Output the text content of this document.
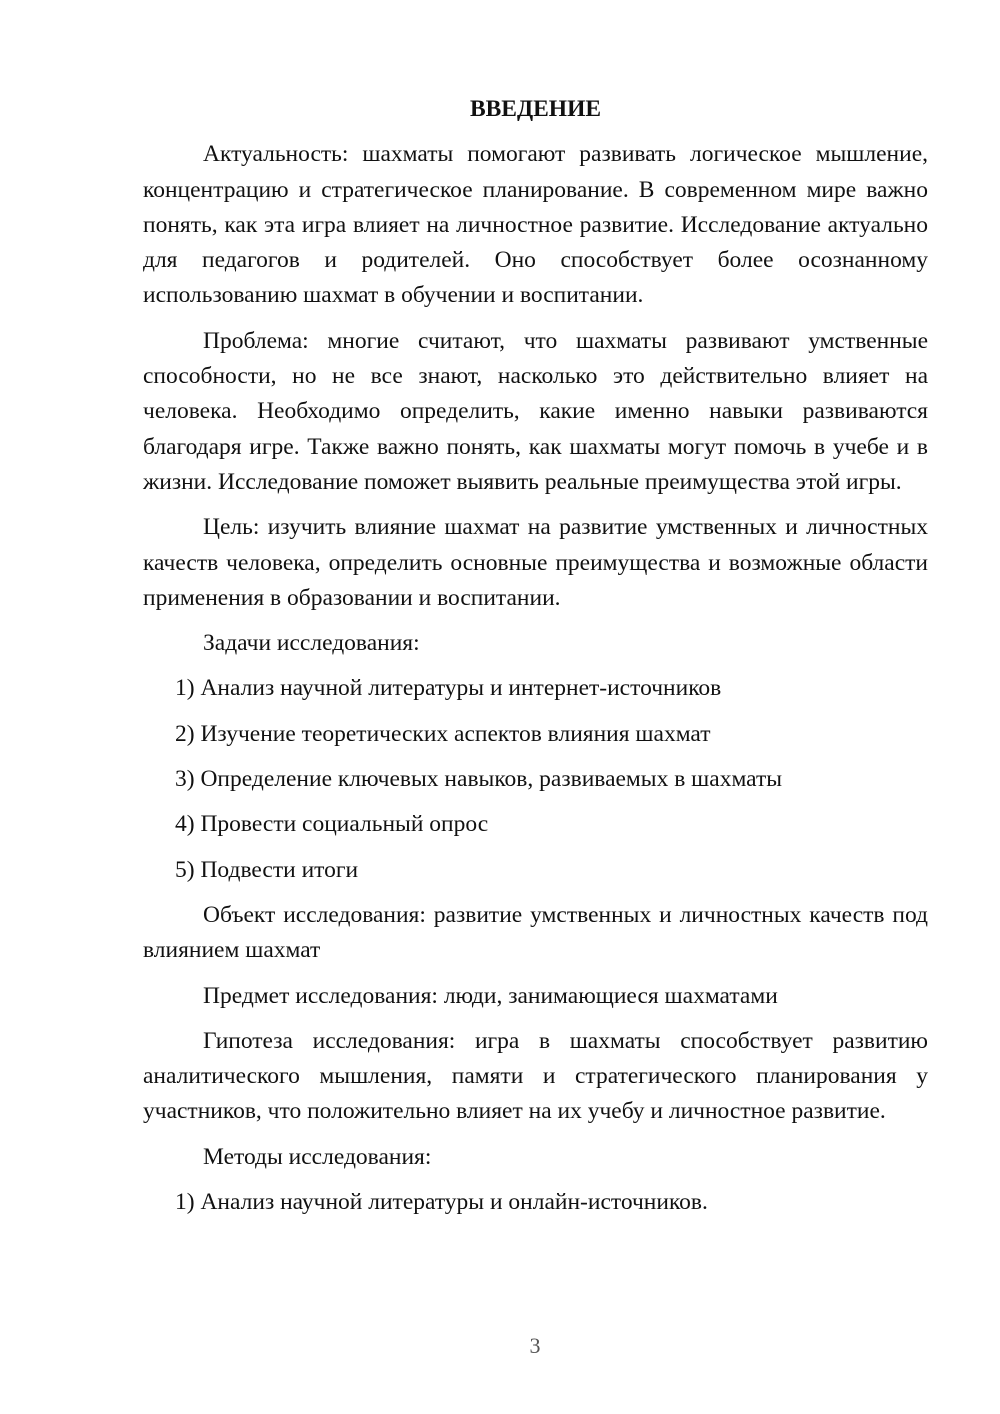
ВВЕДЕНИЕ

Актуальность: шахматы помогают развивать логическое мышление, концентрацию и стратегическое планирование. В современном мире важно понять, как эта игра влияет на личностное развитие. Исследование актуально для педагогов и родителей. Оно способствует более осознанному использованию шахмат в обучении и воспитании.

Проблема: многие считают, что шахматы развивают умственные способности, но не все знают, насколько это действительно влияет на человека. Необходимо определить, какие именно навыки развиваются благодаря игре. Также важно понять, как шахматы могут помочь в учебе и в жизни. Исследование поможет выявить реальные преимущества этой игры.

Цель: изучить влияние шахмат на развитие умственных и личностных качеств человека, определить основные преимущества и возможные области применения в образовании и воспитании.

Задачи исследования:

1) Анализ научной литературы и интернет-источников

2) Изучение теоретических аспектов влияния шахмат

3) Определение ключевых навыков, развиваемых в шахматы

4) Провести социальный опрос

5) Подвести итоги

Объект исследования: развитие умственных и личностных качеств под влиянием шахмат

Предмет исследования: люди, занимающиеся шахматами

Гипотеза исследования: игра в шахматы способствует развитию аналитического мышления, памяти и стратегического планирования у участников, что положительно влияет на их учебу и личностное развитие.

Методы исследования:

1) Анализ научной литературы и онлайн-источников.

3
